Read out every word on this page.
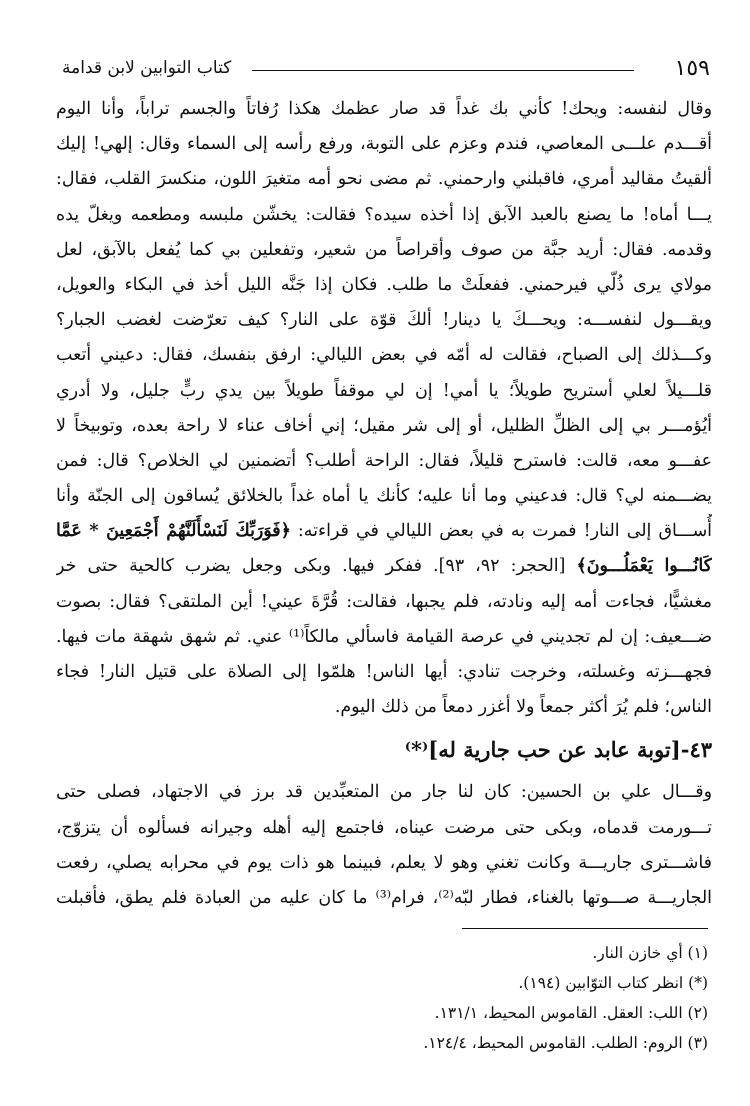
١٥٩
كتاب التوابين لابن قدامة
وقال لنفسه: ويحك! كأني بك غداً قد صار عظمك هكذا رُفاتاً والجسم تراباً، وأنا اليوم
أقـــدم علـــى المعاصي، فندم وعزم على التوبة، ورفع رأسه إلى السماء وقال: إلهي! إليك
ألقيتُ مقاليد أمري، فاقبلني وارحمني. ثم مضى نحو أمه متغيرَ اللون، منكسرَ القلب، فقال:
يـــا أماه! ما يصنع بالعبد الآبق إذا أخذه سيده؟ فقالت: يخشّن ملبسه ومطعمه ويغلّ يده
وقدمه. فقال: أريد جبَّة من صوف وأقراصاً من شعير، وتفعلين بي كما يُفعل بالآبق، لعل
مولاي يرى ذُلّي فيرحمني. ففعلَتْ ما طلب. فكان إذا جَنَّه الليل أخذ في البكاء والعويل،
ويقـــول لنفســـه: ويحـــكَ يا دينار! ألكَ قوّة على النار؟ كيف تعرّضت لغضب الجبار؟
وكـــذلك إلى الصباح، فقالت له أمّه في بعض الليالي: ارفق بنفسك، فقال: دعيني أتعب
قلـــيلاً لعلي أستريح طويلاً؛ يا أمي! إن لي موقفاً طويلاً بين يدي ربٍّ جليل، ولا أدري
أيُؤمـــر بي إلى الظلِّ الظليل، أو إلى شر مقيل؛ إني أخاف عناء لا راحة بعده، وتوبيخاً لا
عفـــو معه، قالت: فاسترح قليلاً، فقال: الراحة أطلب؟ أتضمنين لي الخلاص؟ قال: فمن
يضـــمنه لي؟ قال: فدعيني وما أنا عليه؛ كأنك يا أماه غداً بالخلائق يُساقون إلى الجنّة وأنا
أُســـاق إلى النار! فمرت به في بعض الليالي في قراءته: ﴿فَوَرَبِّكَ لَنَسْأَلَنَّهُمْ أَجْمَعِينَ * عَمَّا
كَانُـــوا يَعْمَلُـــونَ﴾ [الحجر: ٩٢، ٩٣]. ففكر فيها. وبكى وجعل يضرب كالحية حتى خر
مغشيًّا، فجاءت أمه إليه ونادته، فلم يجبها، فقالت: قُرَّةَ عيني! أين الملتقى؟ فقال: بصوت
ضـــعيف: إن لم تجديني في عرصة القيامة فاسألي مالكاً⁽¹⁾ عني. ثم شهق شهقة مات فيها.
فجهـــزته وغسلته، وخرجت تنادي: أيها الناس! هلمّوا إلى الصلاة على قتيل النار! فجاء
الناس؛ فلم يُرَ أكثر جمعاً ولا أغزر دمعاً من ذلك اليوم.
٤٣-[توبة عابد عن حب جارية له]⁽*⁾
وقـــال علي بن الحسين: كان لنا جار من المتعبِّدين قد برز في الاجتهاد، فصلى حتى
تـــورمت قدماه، وبكى حتى مرضت عيناه، فاجتمع إليه أهله وجيرانه فسألوه أن يتزوّج،
فاشـــترى جاريـــة وكانت تغني وهو لا يعلم، فبينما هو ذات يوم في محرابه يصلي، رفعت
الجاريـــة صـــوتها بالغناء، فطار لبّه⁽²⁾، فرام⁽³⁾ ما كان عليه من العبادة فلم يطق، فأقبلت
(١) أي خازن النار.
(*) انظر كتاب التوّابين (١٩٤).
(٢) اللب: العقل. القاموس المحيط، ١٣١/١.
(٣) الروم: الطلب. القاموس المحيط، ١٢٤/٤.
